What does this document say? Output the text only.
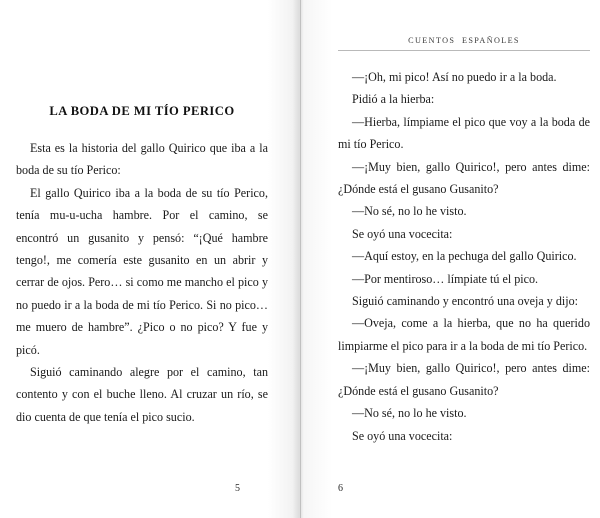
LA BODA DE MI TÍO PERICO

Esta es la historia del gallo Quirico que iba a la boda de su tío Perico:

El gallo Quirico iba a la boda de su tío Perico, tenía mu-u-ucha hambre. Por el camino, se encontró un gusanito y pensó: “¡Qué hambre tengo!, me comería este gusanito en un abrir y cerrar de ojos. Pero… si como me mancho el pico y no puedo ir a la boda de mi tío Perico. Si no pico… me muero de hambre”. ¿Pico o no pico? Y fue y picó.

Siguió caminando alegre por el camino, tan contento y con el buche lleno. Al cruzar un río, se dio cuenta de que tenía el pico sucio.

5
CUENTOS  ESPAÑOLES

—¡Oh, mi pico! Así no puedo ir a la boda.

Pidió a la hierba:

—Hierba, límpiame el pico que voy a la boda de mi tío Perico.

—¡Muy bien, gallo Quirico!, pero antes dime: ¿Dónde está el gusano Gusanito?

—No sé, no lo he visto.

Se oyó una vocecita:

—Aquí estoy, en la pechuga del gallo Quirico.

—Por mentiroso… límpiate tú el pico.

Siguió caminando y encontró una oveja y dijo:

—Oveja, come a la hierba, que no ha querido limpiarme el pico para ir a la boda de mi tío Perico.

—¡Muy bien, gallo Quirico!, pero antes dime: ¿Dónde está el gusano Gusanito?

—No sé, no lo he visto.

Se oyó una vocecita:

6
